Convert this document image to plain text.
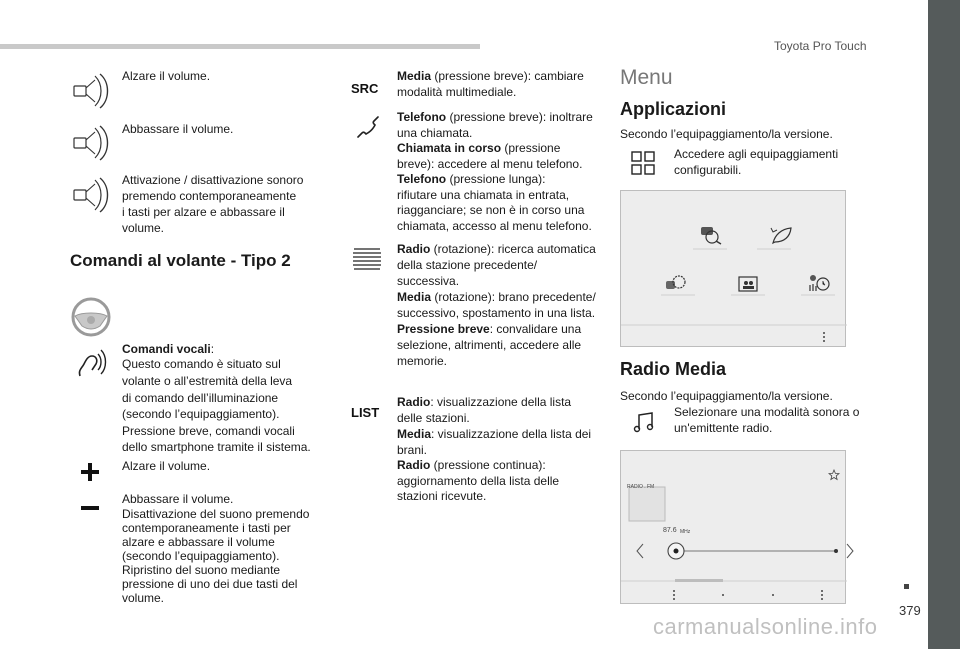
Toyota Pro Touch
379
carmanualsonline.info
Alzare il volume.
Abbassare il volume.
Attivazione / disattivazione sonoro
premendo contemporaneamente
i tasti per alzare e abbassare il
volume.
Comandi al volante - Tipo 2
Comandi vocali:
Questo comando è situato sul
volante o all’estremità della leva
di comando dell’illuminazione
(secondo l’equipaggiamento).
Pressione breve, comandi vocali
dello smartphone tramite il sistema.
Alzare il volume.
Abbassare il volume.
Disattivazione del suono premendo
contemporaneamente i tasti per
alzare e abbassare il volume
(secondo l’equipaggiamento).
Ripristino del suono mediante
pressione di uno dei due tasti del
volume.
SRC
Media (pressione breve): cambiare
modalità multimediale.
Telefono (pressione breve): inoltrare
una chiamata.
Chiamata in corso (pressione
breve): accedere al menu telefono.
Telefono (pressione lunga):
rifiutare una chiamata in entrata,
riagganciare; se non è in corso una
chiamata, accesso al menu telefono.
Radio (rotazione): ricerca automatica
della stazione precedente/
successiva.
Media (rotazione): brano precedente/
successivo, spostamento in una lista.
Pressione breve: convalidare una
selezione, altrimenti, accedere alle
memorie.
LIST
Radio: visualizzazione della lista
delle stazioni.
Media: visualizzazione della lista dei
brani.
Radio (pressione continua):
aggiornamento della lista delle
stazioni ricevute.
Menu
Applicazioni
Secondo l’equipaggiamento/la versione.
Accedere agli equipaggiamenti
configurabili.
Radio Media
Secondo l’equipaggiamento/la versione.
Selezionare una modalità sonora o
un'emittente radio.
RADIO . FM
87.6 MHz
